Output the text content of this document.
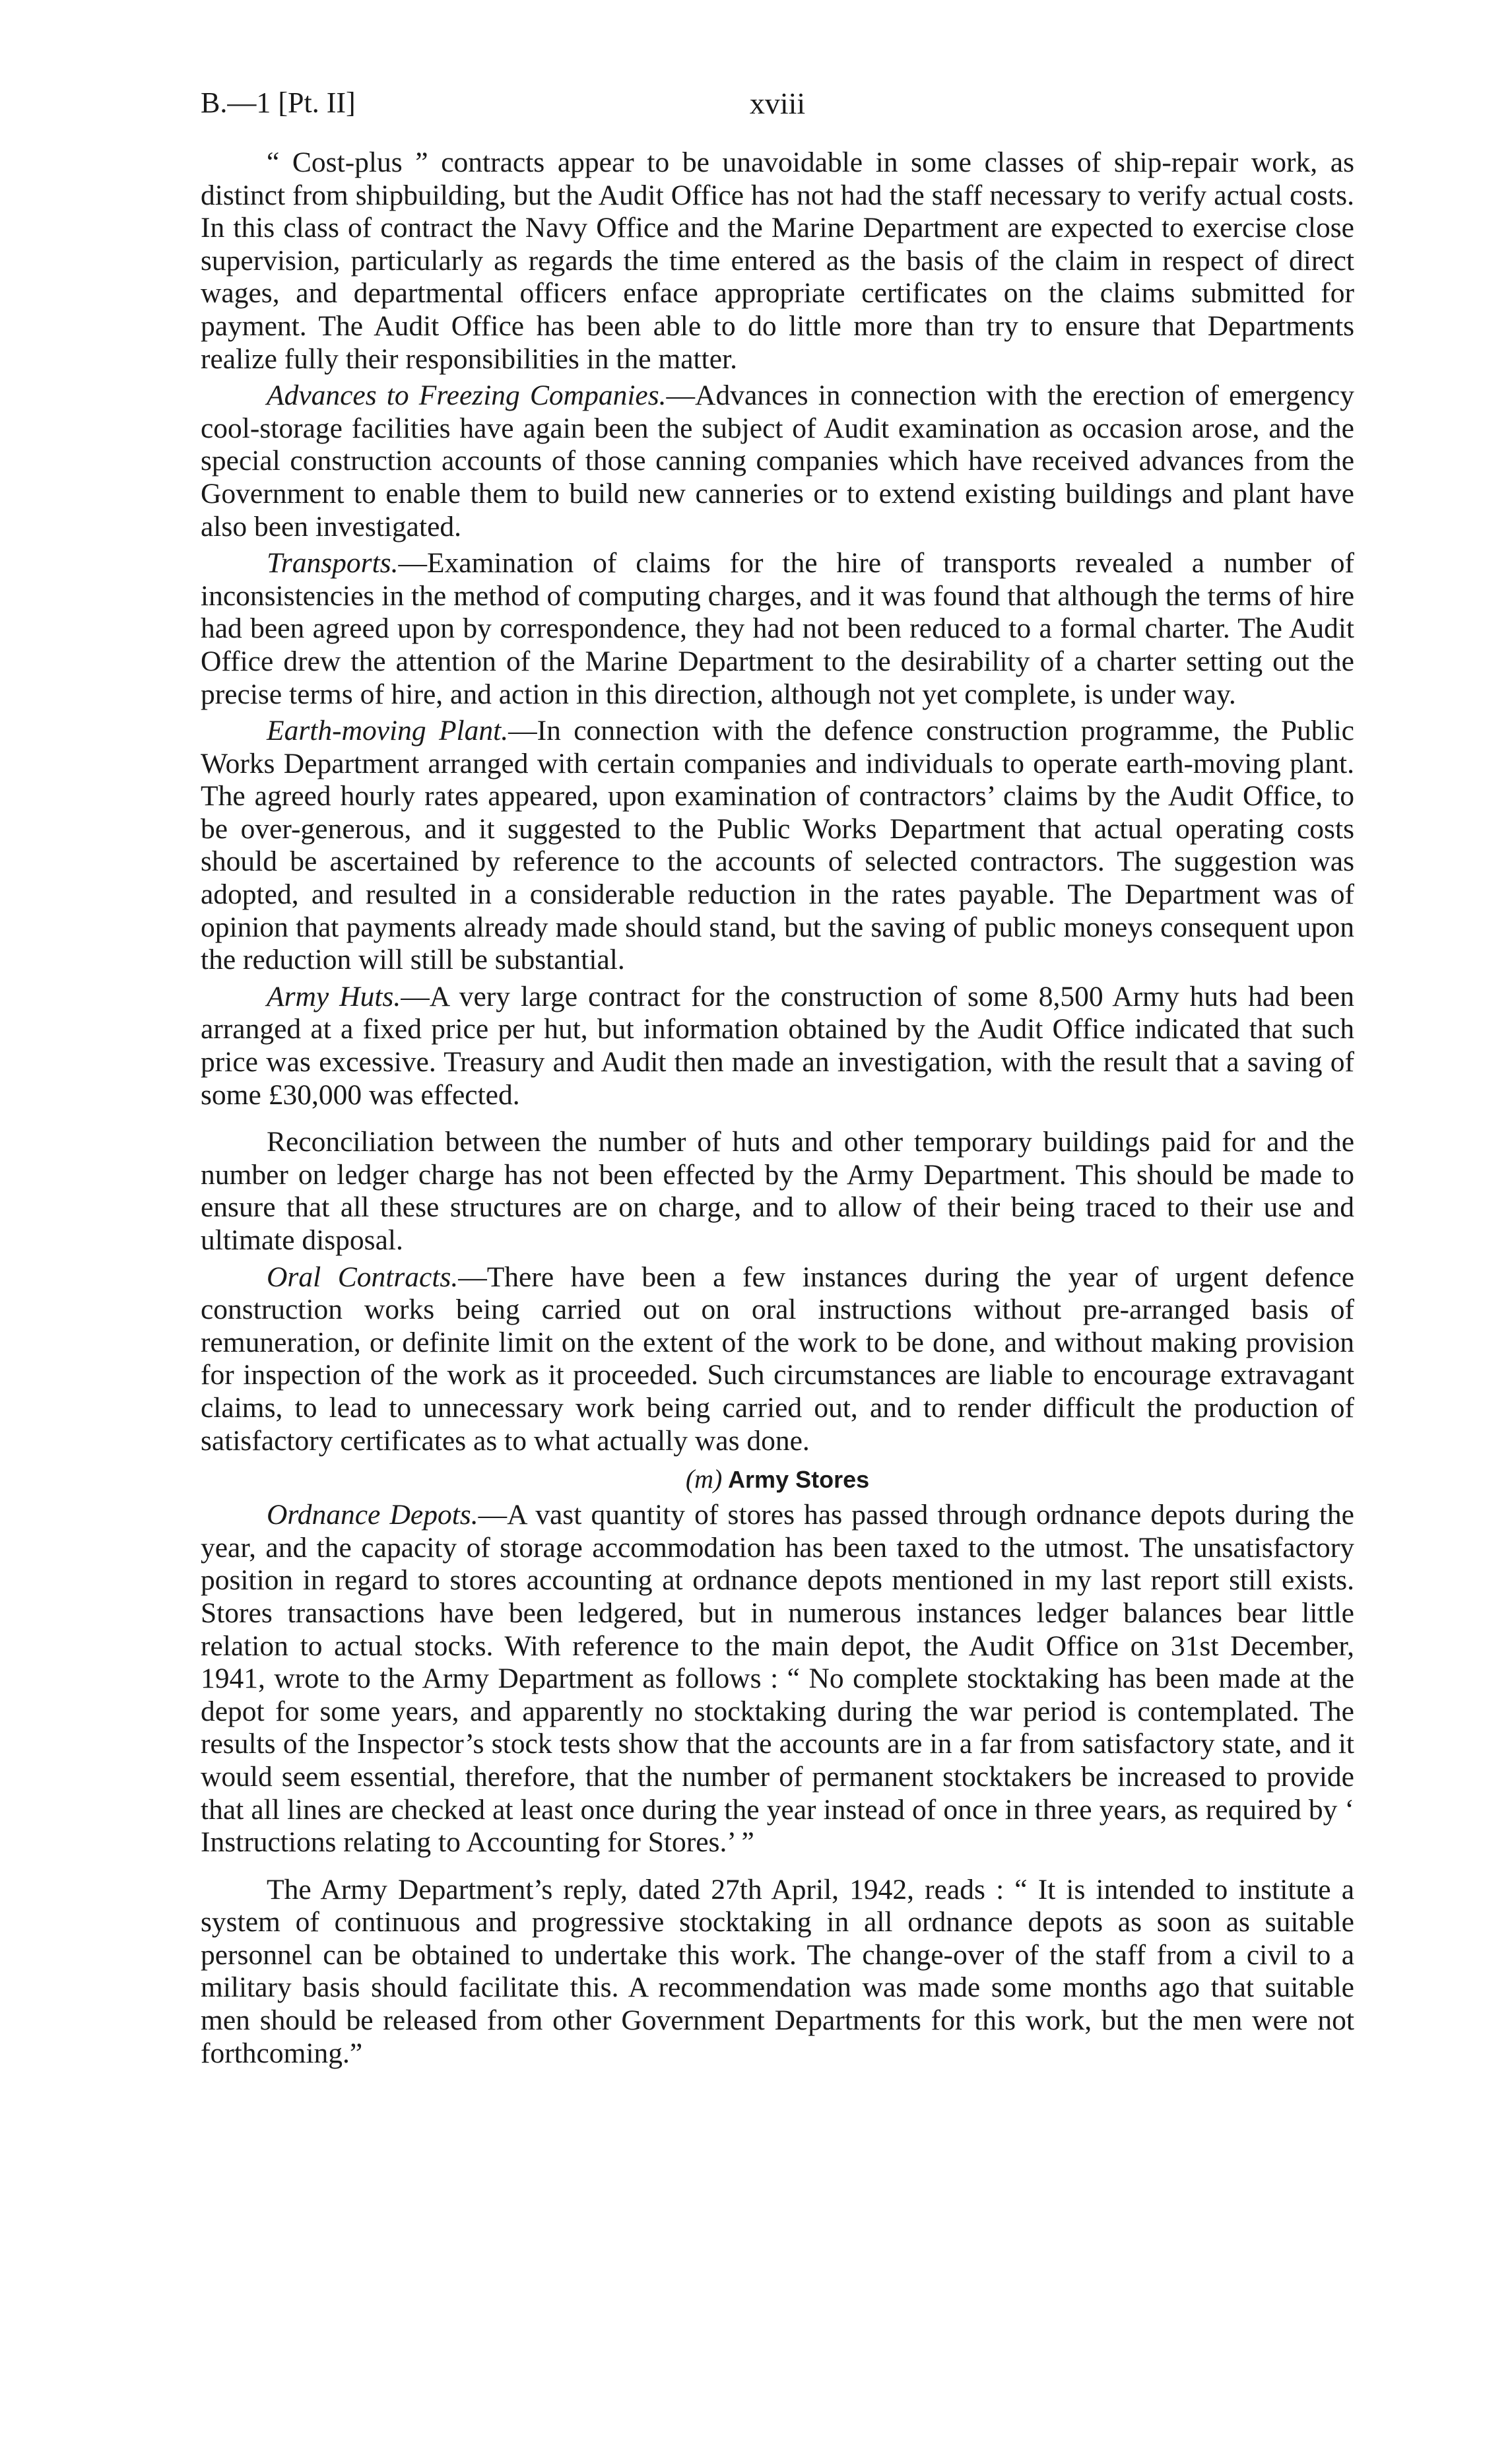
B.—1 [Pt. II]	xviii

“ Cost-plus ” contracts appear to be unavoidable in some classes of ship-repair work, as distinct from shipbuilding, but the Audit Office has not had the staff necessary to verify actual costs. In this class of contract the Navy Office and the Marine Department are expected to exercise close supervision, particularly as regards the time entered as the basis of the claim in respect of direct wages, and departmental officers enface appropriate certificates on the claims submitted for payment. The Audit Office has been able to do little more than try to ensure that Departments realize fully their responsibilities in the matter.

Advances to Freezing Companies.—Advances in connection with the erection of emergency cool-storage facilities have again been the subject of Audit examination as occasion arose, and the special construction accounts of those canning companies which have received advances from the Government to enable them to build new canneries or to extend existing buildings and plant have also been investigated.

Transports.—Examination of claims for the hire of transports revealed a number of inconsistencies in the method of computing charges, and it was found that although the terms of hire had been agreed upon by correspondence, they had not been reduced to a formal charter. The Audit Office drew the attention of the Marine Department to the desirability of a charter setting out the precise terms of hire, and action in this direction, although not yet complete, is under way.

Earth-moving Plant.—In connection with the defence construction programme, the Public Works Department arranged with certain companies and individuals to operate earth-moving plant. The agreed hourly rates appeared, upon examination of contractors’ claims by the Audit Office, to be over-generous, and it suggested to the Public Works Department that actual operating costs should be ascertained by reference to the accounts of selected contractors. The suggestion was adopted, and resulted in a considerable reduction in the rates payable. The Department was of opinion that payments already made should stand, but the saving of public moneys consequent upon the reduction will still be substantial.

Army Huts.—A very large contract for the construction of some 8,500 Army huts had been arranged at a fixed price per hut, but information obtained by the Audit Office indicated that such price was excessive. Treasury and Audit then made an investigation, with the result that a saving of some £30,000 was effected.

Reconciliation between the number of huts and other temporary buildings paid for and the number on ledger charge has not been effected by the Army Department. This should be made to ensure that all these structures are on charge, and to allow of their being traced to their use and ultimate disposal.

Oral Contracts.—There have been a few instances during the year of urgent defence construction works being carried out on oral instructions without pre-arranged basis of remuneration, or definite limit on the extent of the work to be done, and without making provision for inspection of the work as it proceeded. Such circumstances are liable to encourage extravagant claims, to lead to unnecessary work being carried out, and to render difficult the production of satisfactory certificates as to what actually was done.

(m) Army Stores

Ordnance Depots.—A vast quantity of stores has passed through ordnance depots during the year, and the capacity of storage accommodation has been taxed to the utmost. The unsatisfactory position in regard to stores accounting at ordnance depots mentioned in my last report still exists. Stores transactions have been ledgered, but in numerous instances ledger balances bear little relation to actual stocks. With reference to the main depot, the Audit Office on 31st December, 1941, wrote to the Army Department as follows : “ No complete stocktaking has been made at the depot for some years, and apparently no stocktaking during the war period is contemplated. The results of the Inspector’s stock tests show that the accounts are in a far from satisfactory state, and it would seem essential, therefore, that the number of permanent stocktakers be increased to provide that all lines are checked at least once during the year instead of once in three years, as required by ‘ Instructions relating to Accounting for Stores.’ ”

The Army Department’s reply, dated 27th April, 1942, reads : “ It is intended to institute a system of continuous and progressive stocktaking in all ordnance depots as soon as suitable personnel can be obtained to undertake this work. The change-over of the staff from a civil to a military basis should facilitate this. A recommendation was made some months ago that suitable men should be released from other Government Departments for this work, but the men were not forthcoming.”
